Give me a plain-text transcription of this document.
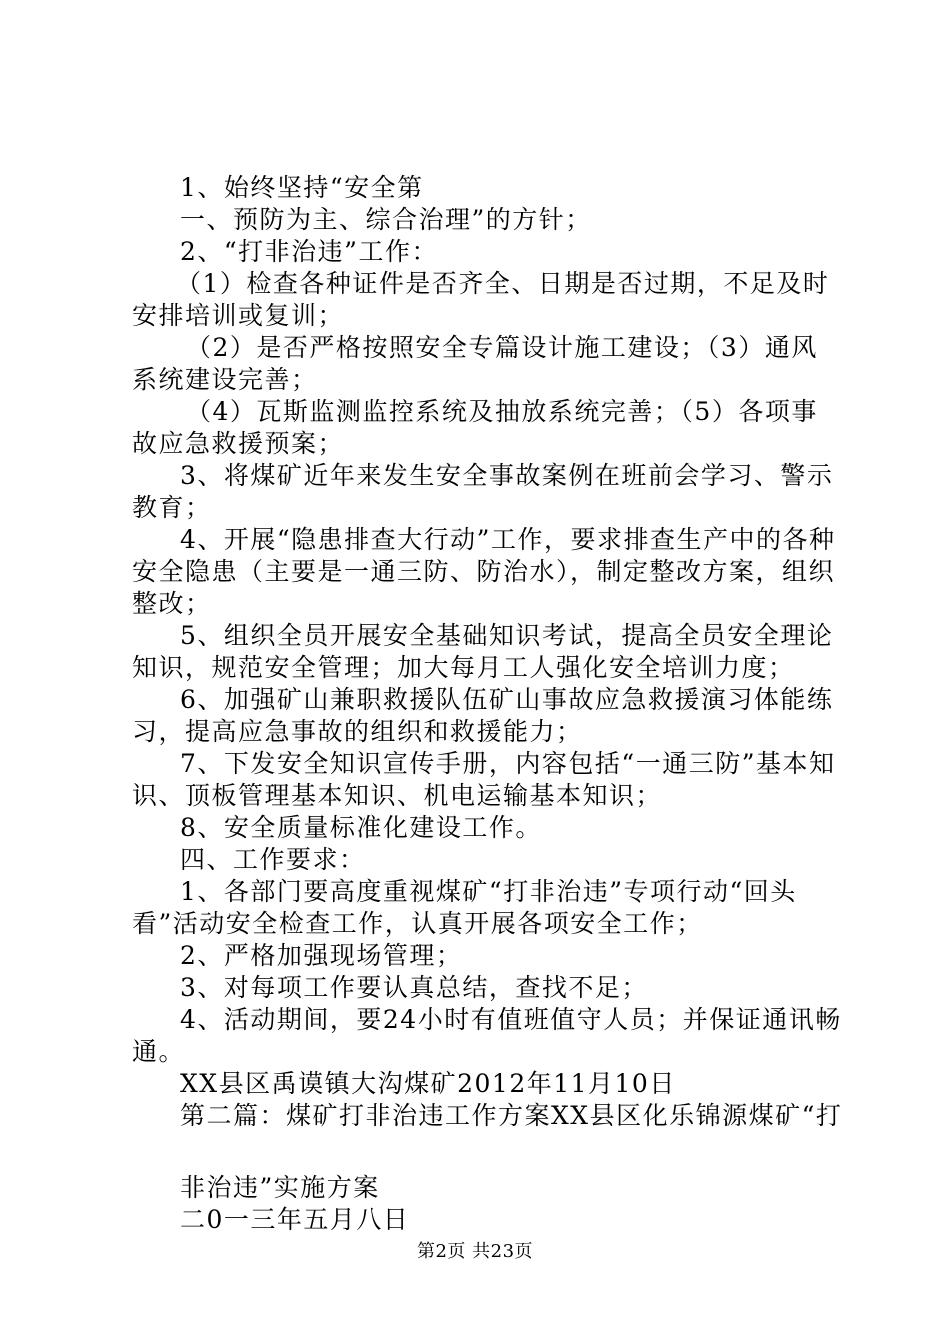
1、始终坚持“安全第

一、预防为主、综合治理”的方针；

2、“打非治违”工作：

（1）检查各种证件是否齐全、日期是否过期，不足及时安排培训或复训；

（2）是否严格按照安全专篇设计施工建设；（3）通风系统建设完善；

（4）瓦斯监测监控系统及抽放系统完善；（5）各项事故应急救援预案；

3、将煤矿近年来发生安全事故案例在班前会学习、警示教育；

4、开展“隐患排查大行动”工作，要求排查生产中的各种安全隐患（主要是一通三防、防治水），制定整改方案，组织整改；

5、组织全员开展安全基础知识考试，提高全员安全理论知识，规范安全管理；加大每月工人强化安全培训力度；

6、加强矿山兼职救援队伍矿山事故应急救援演习体能练习，提高应急事故的组织和救援能力；

7、下发安全知识宣传手册，内容包括“一通三防”基本知识、顶板管理基本知识、机电运输基本知识；

8、安全质量标准化建设工作。

四、工作要求：

1、各部门要高度重视煤矿“打非治违”专项行动“回头看”活动安全检查工作，认真开展各项安全工作；

2、严格加强现场管理；

3、对每项工作要认真总结，查找不足；

4、活动期间，要24小时有值班值守人员；并保证通讯畅通。

XX县区禹谟镇大沟煤矿2012年11月10日

第二篇：煤矿打非治违工作方案XX县区化乐锦源煤矿“打

非治违”实施方案

二0一三年五月八日

第2页 共23页
